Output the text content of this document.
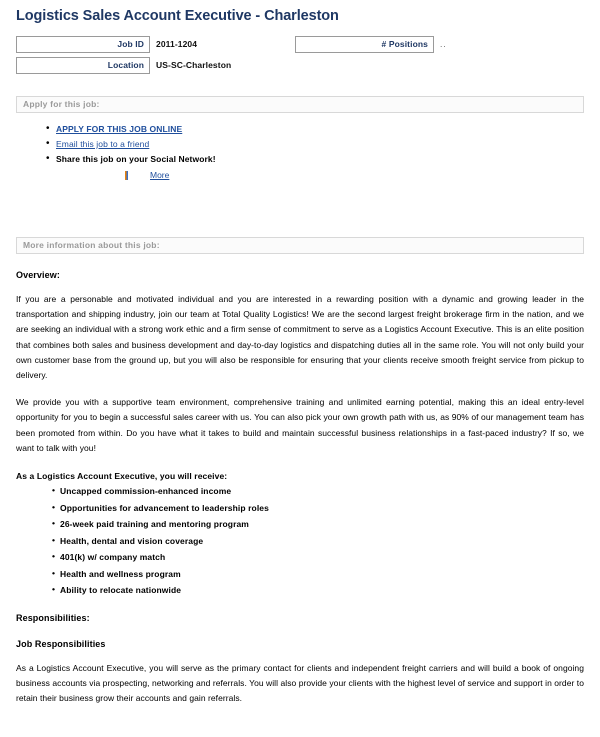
Logistics Sales Account Executive - Charleston
Job ID	2011-1204
Location	US-SC-Charleston
# Positions	..
Apply for this job:
• APPLY FOR THIS JOB ONLINE
• Email this job to a friend
• Share this job on your Social Network!
More
More information about this job:
Overview:

If you are a personable and motivated individual and you are interested in a rewarding position with a dynamic and growing leader in the transportation and shipping industry, join our team at Total Quality Logistics! We are the second largest freight brokerage firm in the nation, and we are seeking an individual with a strong work ethic and a firm sense of commitment to serve as a Logistics Account Executive. This is an elite position that combines both sales and business development and day-to-day logistics and dispatching duties all in the same role. You will not only build your own customer base from the ground up, but you will also be responsible for ensuring that your clients receive smooth freight service from pickup to delivery.

We provide you with a supportive team environment, comprehensive training and unlimited earning potential, making this an ideal entry-level opportunity for you to begin a successful sales career with us. You can also pick your own growth path with us, as 90% of our management team has been promoted from within. Do you have what it takes to build and maintain successful business relationships in a fast-paced industry? If so, we want to talk with you!

As a Logistics Account Executive, you will receive:
• Uncapped commission-enhanced income
• Opportunities for advancement to leadership roles
• 26-week paid training and mentoring program
• Health, dental and vision coverage
• 401(k) w/ company match
• Health and wellness program
• Ability to relocate nationwide
Responsibilities:
Job Responsibilities

As a Logistics Account Executive, you will serve as the primary contact for clients and independent freight carriers and will build a book of ongoing business accounts via prospecting, networking and referrals. You will also provide your clients with the highest level of service and support in order to retain their business grow their accounts and gain referrals.
